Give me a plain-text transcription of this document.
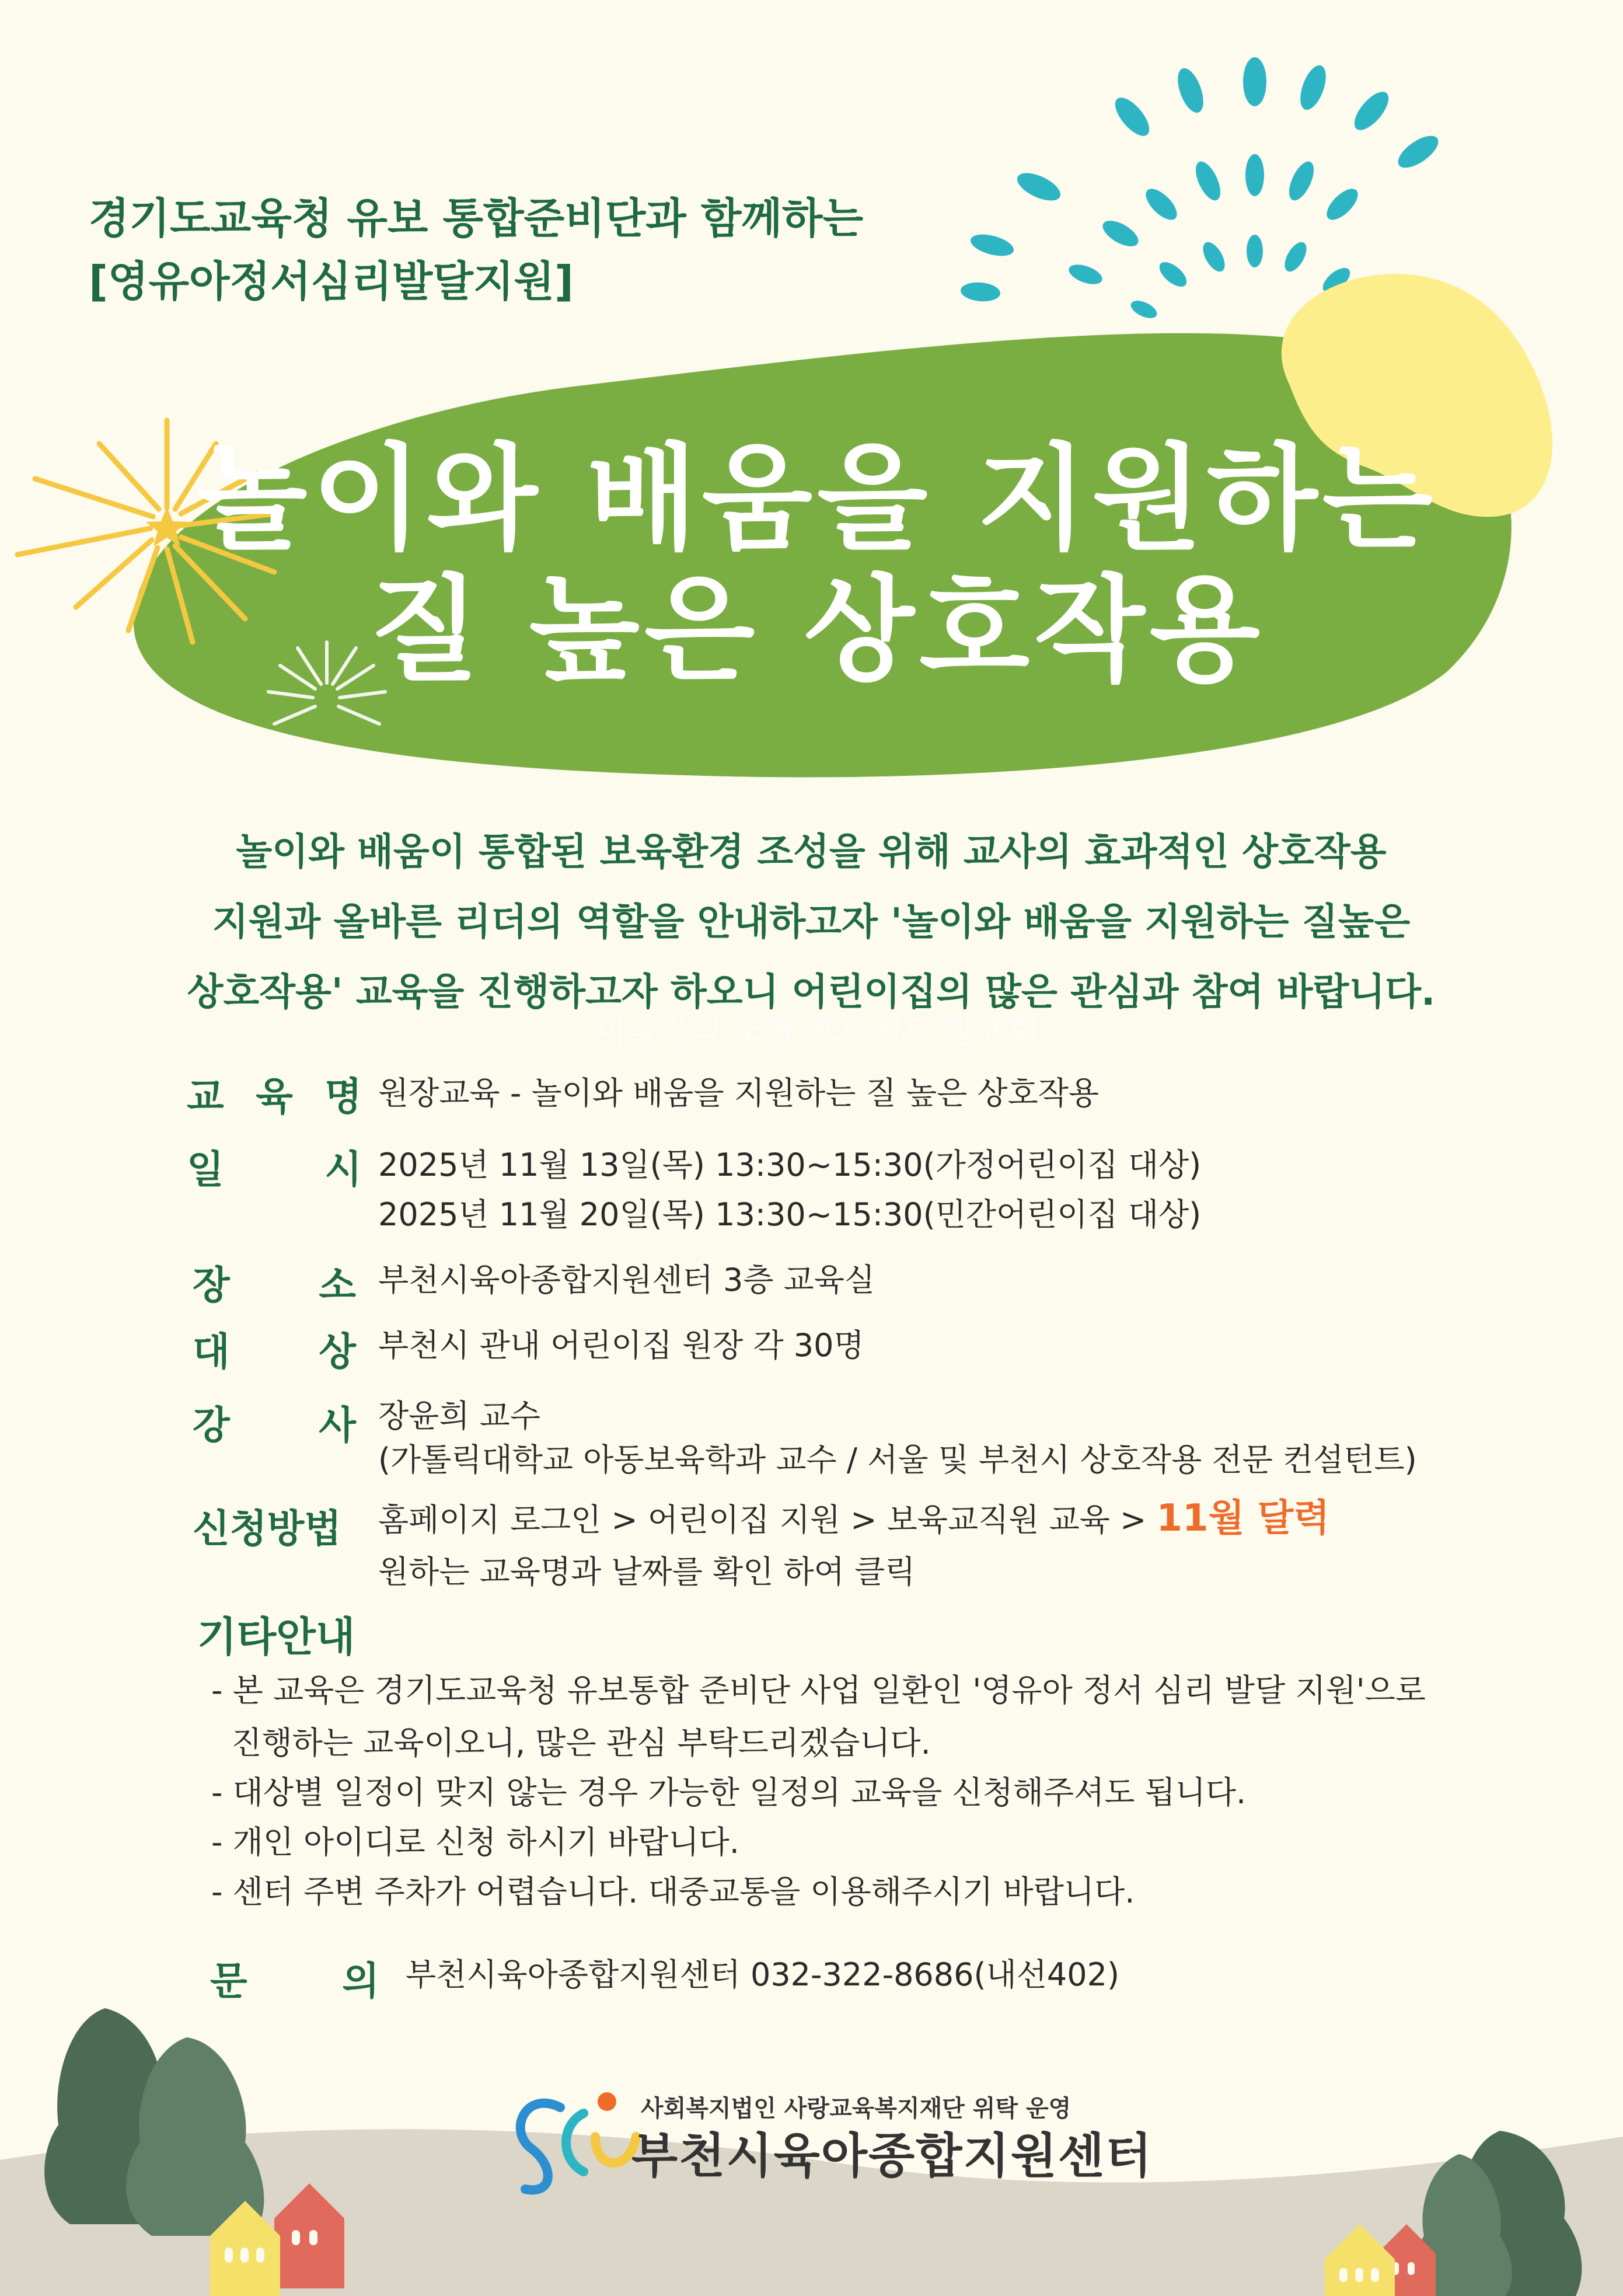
경기도교육청 유보 통합준비단과 함께하는
[영유아정서심리발달지원]
놀이와 배움을 지원하는
질 높은 상호작용
놀이와 배움이 통합된 보육환경 조성을 위해 교사의 효과적인 상호작용
지원과 올바른 리더의 역할을 안내하고자 '놀이와 배움을 지원하는 질높은
상호작용' 교육을 진행하고자 하오니 어린이집의 많은 관심과 참여 바랍니다.
미술관의 조형 프로젝트 발표회
교 육 명 원장교육 - 놀이와 배움을 지원하는 질 높은 상호작용
일	시 2025년 11월 13일(목) 13:30~15:30(가정어린이집 대상)
2025년 11월 20일(목) 13:30~15:30(민간어린이집 대상)
장 소 부천시육아종합지원센터 3층 교육실
대 상 부천시 관내 어린이집 원장 각 30명
강 사 장윤희 교수
(가톨릭대학교 아동보육학과 교수 / 서울 및 부천시 상호작용 전문 컨설턴트)
신청방법	홈페이지 로그인 > 어린이집 지원 > 보육교직원 교육 > 11월 달력
원하는 교육명과 날짜를 확인 하여 클릭
기타안내
- 본 교육은 경기도교육청 유보통합 준비단 사업 일환인 '영유아 정서 심리 발달 지원'으로
진행하는 교육이오니, 많은 관심 부탁드리겠습니다.
- 대상별 일정이 맞지 않는 경우 가능한 일정의 교육을 신청해주셔도 됩니다.
- 개인 아이디로 신청 하시기 바랍니다.
- 센터 주변 주차가 어렵습니다. 대중교통을 이용해주시기 바랍니다.
문 의 부천시육아종합지원센터 032-322-8686(내선402)
사회복지법인 사랑교육복지재단 위탁 운영
부천시육아종합지원센터
